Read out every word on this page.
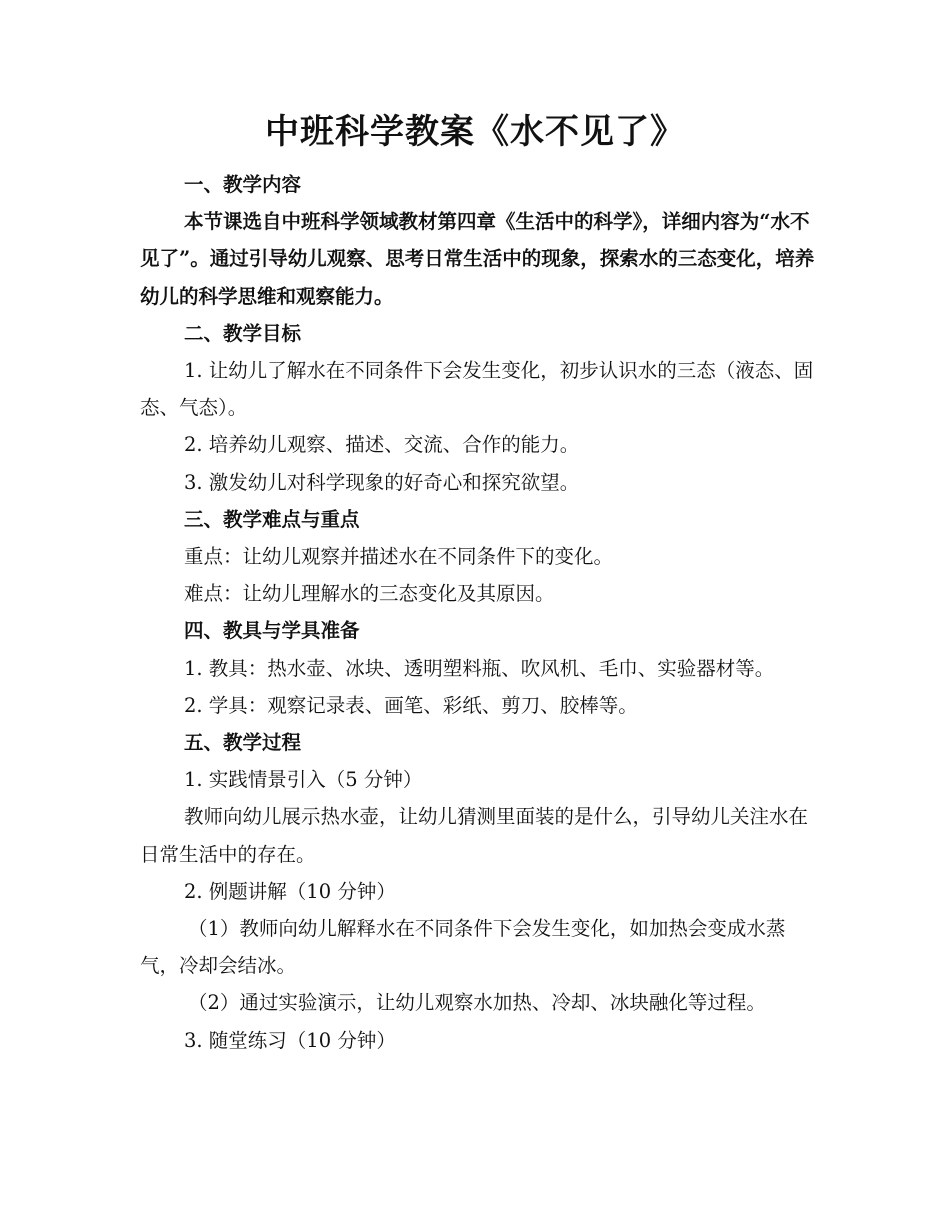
中班科学教案《水不见了》

一、教学内容

本节课选自中班科学领域教材第四章《生活中的科学》，详细内容为“水不见了”。通过引导幼儿观察、思考日常生活中的现象，探索水的三态变化，培养幼儿的科学思维和观察能力。

二、教学目标

1. 让幼儿了解水在不同条件下会发生变化，初步认识水的三态（液态、固态、气态）。

2. 培养幼儿观察、描述、交流、合作的能力。

3. 激发幼儿对科学现象的好奇心和探究欲望。

三、教学难点与重点

重点：让幼儿观察并描述水在不同条件下的变化。

难点：让幼儿理解水的三态变化及其原因。

四、教具与学具准备

1. 教具：热水壶、冰块、透明塑料瓶、吹风机、毛巾、实验器材等。

2. 学具：观察记录表、画笔、彩纸、剪刀、胶棒等。

五、教学过程

1. 实践情景引入（5 分钟）

教师向幼儿展示热水壶，让幼儿猜测里面装的是什么，引导幼儿关注水在日常生活中的存在。

2. 例题讲解（10 分钟）

（1）教师向幼儿解释水在不同条件下会发生变化，如加热会变成水蒸气，冷却会结冰。

（2）通过实验演示，让幼儿观察水加热、冷却、冰块融化等过程。

3. 随堂练习（10 分钟）
